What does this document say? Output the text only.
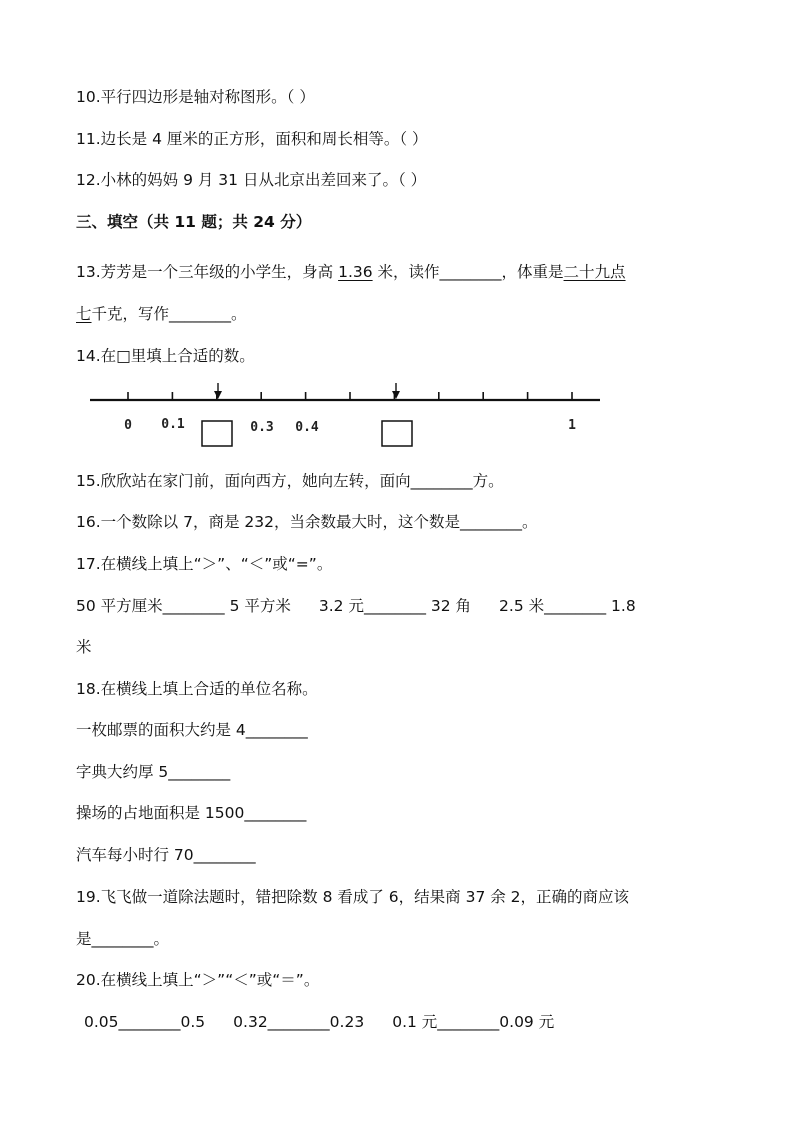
10.平行四边形是轴对称图形。（ ）
11.边长是 4 厘米的正方形，面积和周长相等。（ ）
12.小林的妈妈 9 月 31 日从北京出差回来了。（ ）
三、填空（共 11 题；共 24 分）
13.芳芳是一个三年级的小学生，身高 1.36 米，读作________，体重是二十九点
七千克，写作________。
14.在□里填上合适的数。
0 0.1	0.3 0.4	1
15.欣欣站在家门前，面向西方，她向左转，面向________方。
16.一个数除以 7，商是 232，当余数最大时，这个数是________。
17.在横线上填上“＞”、“＜”或“=”。
50 平方厘米________ 5 平方米 3.2 元________ 32 角 2.5 米________ 1.8
米
18.在横线上填上合适的单位名称。
一枚邮票的面积大约是 4________
字典大约厚 5________
操场的占地面积是 1500________
汽车每小时行 70________
19.飞飞做一道除法题时，错把除数 8 看成了 6，结果商 37 余 2，正确的商应该
是________。
20.在横线上填上“＞”“＜”或“＝”。
0.05________0.5 0.32________0.23 0.1 元________0.09 元
